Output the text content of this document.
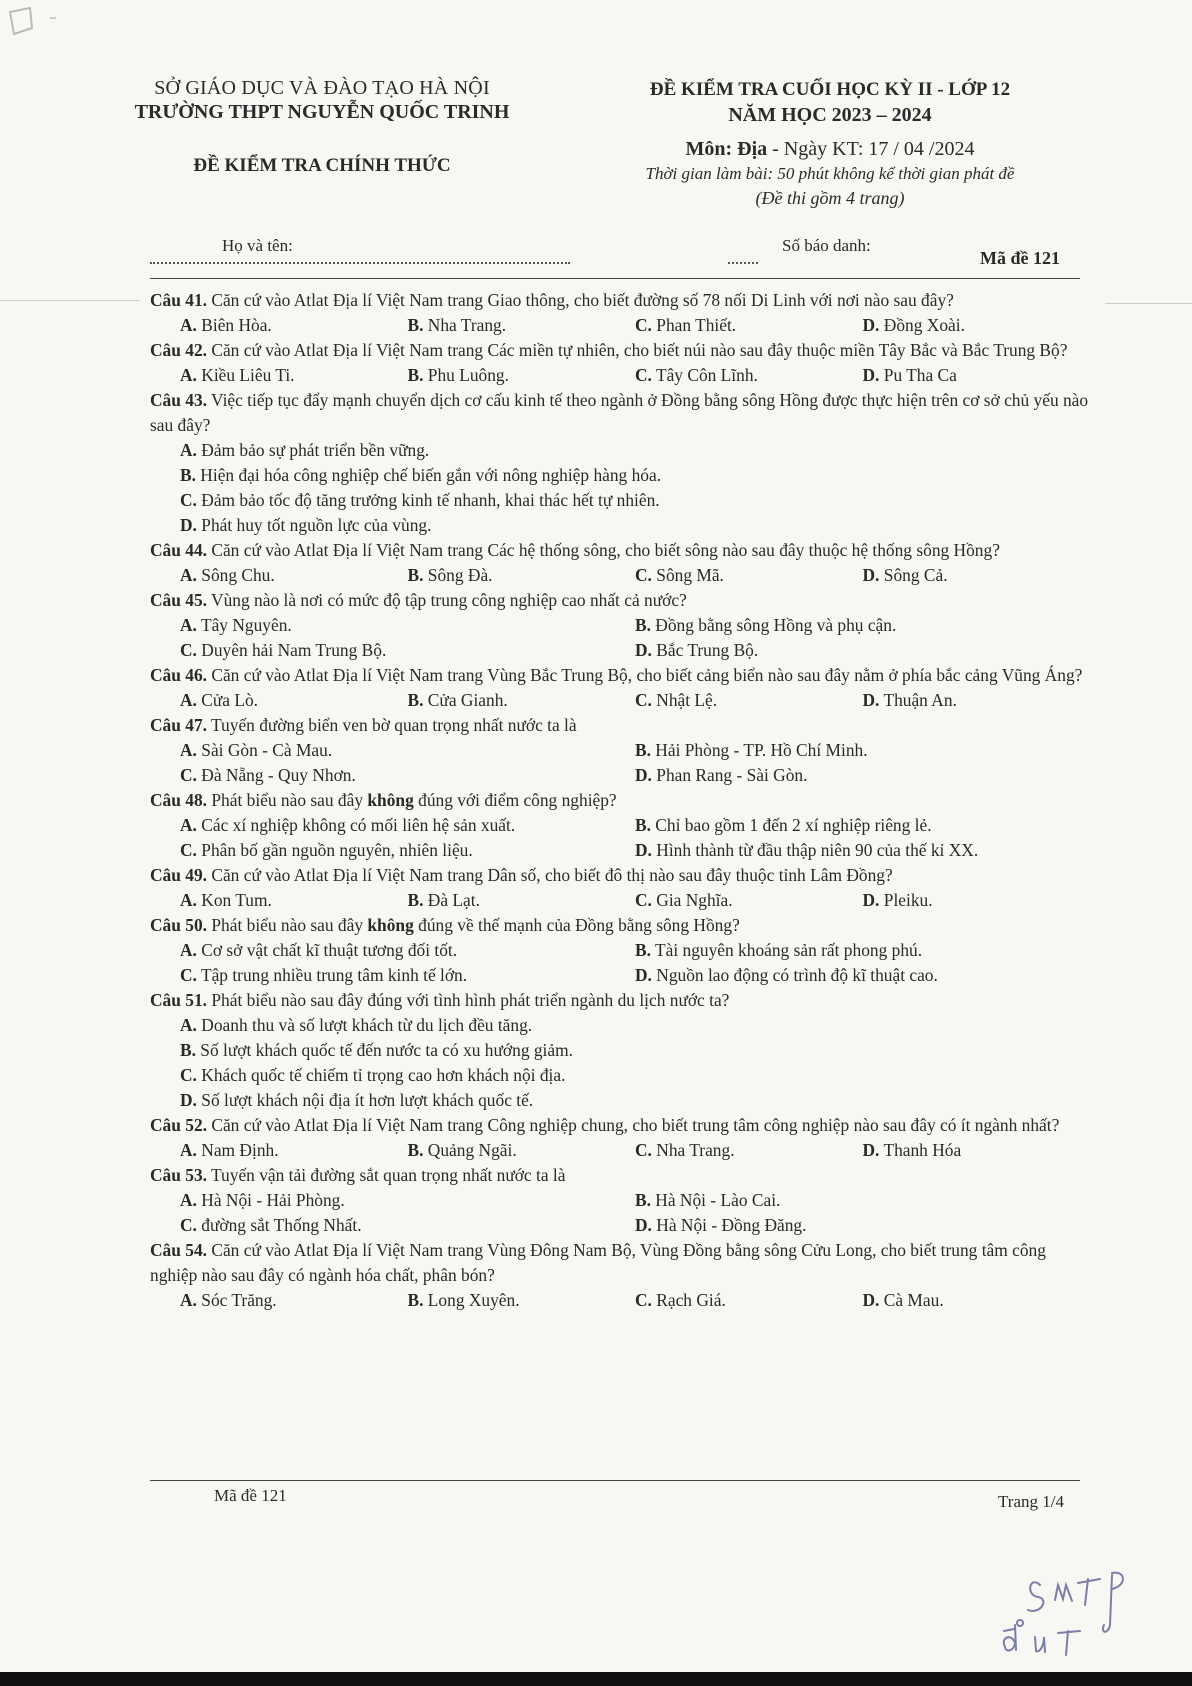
SỞ GIÁO DỤC VÀ ĐÀO TẠO HÀ NỘI
TRƯỜNG THPT NGUYỄN QUỐC TRINH
ĐỀ KIỂM TRA CHÍNH THỨC
ĐỀ KIỂM TRA CUỐI HỌC KỲ II - LỚP 12
NĂM HỌC 2023 – 2024
Môn: Địa - Ngày KT: 17 / 04 /2024
Thời gian làm bài: 50 phút không kể thời gian phát đề
(Đề thi gồm 4 trang)
Họ và tên:	Số báo danh:
Mã đề 121

Câu 41. Căn cứ vào Atlat Địa lí Việt Nam trang Giao thông, cho biết đường số 78 nối Di Linh với nơi nào sau đây?

A. Biên Hòa.	B. Nha Trang.	C. Phan Thiết.	D. Đồng Xoài.

Câu 42. Căn cứ vào Atlat Địa lí Việt Nam trang Các miền tự nhiên, cho biết núi nào sau đây thuộc miền Tây Bắc và Bắc Trung Bộ?

A. Kiều Liêu Ti.	B. Phu Luông.	C. Tây Côn Lĩnh.	D. Pu Tha Ca

Câu 43. Việc tiếp tục đẩy mạnh chuyển dịch cơ cấu kinh tế theo ngành ở Đồng bằng sông Hồng được thực hiện trên cơ sở chủ yếu nào sau đây?

A. Đảm bảo sự phát triển bền vững.
B. Hiện đại hóa công nghiệp chế biến gắn với nông nghiệp hàng hóa.
C. Đảm bảo tốc độ tăng trưởng kinh tế nhanh, khai thác hết tự nhiên.
D. Phát huy tốt nguồn lực của vùng.

Câu 44. Căn cứ vào Atlat Địa lí Việt Nam trang Các hệ thống sông, cho biết sông nào sau đây thuộc hệ thống sông Hồng?

A. Sông Chu.	B. Sông Đà.	C. Sông Mã.	D. Sông Cả.

Câu 45. Vùng nào là nơi có mức độ tập trung công nghiệp cao nhất cả nước?

A. Tây Nguyên.	B. Đồng bằng sông Hồng và phụ cận.
C. Duyên hải Nam Trung Bộ.	D. Bắc Trung Bộ.

Câu 46. Căn cứ vào Atlat Địa lí Việt Nam trang Vùng Bắc Trung Bộ, cho biết cảng biển nào sau đây nằm ở phía bắc cảng Vũng Áng?

A. Cửa Lò.	B. Cửa Gianh.	C. Nhật Lệ.	D. Thuận An.

Câu 47. Tuyến đường biển ven bờ quan trọng nhất nước ta là

A. Sài Gòn - Cà Mau.	B. Hải Phòng - TP. Hồ Chí Minh.
C. Đà Nẵng - Quy Nhơn.	D. Phan Rang - Sài Gòn.

Câu 48. Phát biểu nào sau đây không đúng với điểm công nghiệp?

A. Các xí nghiệp không có mối liên hệ sản xuất.	B. Chỉ bao gồm 1 đến 2 xí nghiệp riêng lẻ.
C. Phân bố gần nguồn nguyên, nhiên liệu.	D. Hình thành từ đầu thập niên 90 của thế kỉ XX.

Câu 49. Căn cứ vào Atlat Địa lí Việt Nam trang Dân số, cho biết đô thị nào sau đây thuộc tỉnh Lâm Đồng?

A. Kon Tum.	B. Đà Lạt.	C. Gia Nghĩa.	D. Pleiku.

Câu 50. Phát biểu nào sau đây không đúng về thế mạnh của Đồng bằng sông Hồng?

A. Cơ sở vật chất kĩ thuật tương đối tốt.	B. Tài nguyên khoáng sản rất phong phú.
C. Tập trung nhiều trung tâm kinh tế lớn.	D. Nguồn lao động có trình độ kĩ thuật cao.

Câu 51. Phát biểu nào sau đây đúng với tình hình phát triển ngành du lịch nước ta?

A. Doanh thu và số lượt khách từ du lịch đều tăng.
B. Số lượt khách quốc tế đến nước ta có xu hướng giảm.
C. Khách quốc tế chiếm tỉ trọng cao hơn khách nội địa.
D. Số lượt khách nội địa ít hơn lượt khách quốc tế.

Câu 52. Căn cứ vào Atlat Địa lí Việt Nam trang Công nghiệp chung, cho biết trung tâm công nghiệp nào sau đây có ít ngành nhất?

A. Nam Định.	B. Quảng Ngãi.	C. Nha Trang.	D. Thanh Hóa

Câu 53. Tuyến vận tải đường sắt quan trọng nhất nước ta là

A. Hà Nội - Hải Phòng.	B. Hà Nội - Lào Cai.
C. đường sắt Thống Nhất.	D. Hà Nội - Đồng Đăng.

Câu 54. Căn cứ vào Atlat Địa lí Việt Nam trang Vùng Đông Nam Bộ, Vùng Đồng bằng sông Cửu Long, cho biết trung tâm công nghiệp nào sau đây có ngành hóa chất, phân bón?

A. Sóc Trăng.	B. Long Xuyên.	C. Rạch Giá.	D. Cà Mau.
Mã đề 121	Trang 1/4
